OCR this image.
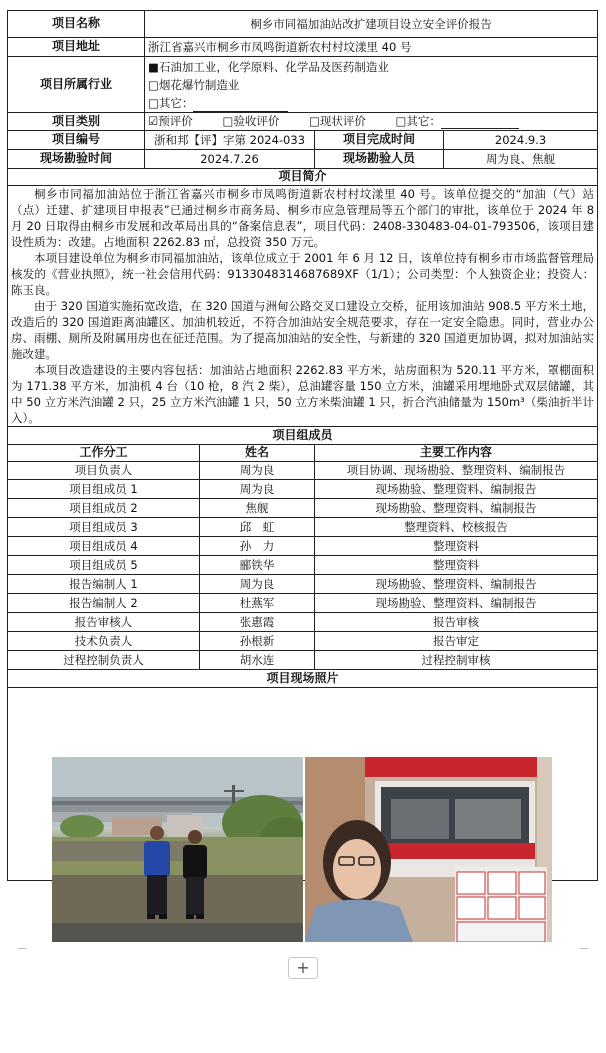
项目名称	桐乡市同福加油站改扩建项目设立安全评价报告			
项目地址	浙江省嘉兴市桐乡市凤鸣街道新农村村坟漾里 40 号			
项目所属行业	■石油加工业，化学原料、化学品及医药制造业
□烟花爆竹制造业
□其它：			

项目类别	☑预评价 □验收评价 □现状评价 □其它：			
项目编号	浙和邦【评】字第 2024-033		项目完成时间	2024.9.3
现场勘验时间	2024.7.26		现场勘验人员	周为良、焦舰
项目简介				

桐乡市同福加油站位于浙江省嘉兴市桐乡市凤鸣街道新农村村坟漾里 40 号。该单位提交的“加油（气）站（点）迁建、扩建项目申报表”已通过桐乡市商务局、桐乡市应急管理局等五个部门的审批，该单位于 2024 年 8 月 20 日取得由桐乡市发展和改革局出具的“备案信息表”，项目代码：2408-330483-04-01-793506，该项目建设性质为：改建。占地面积 2262.83 ㎡，总投资 350 万元。

本项目建设单位为桐乡市同福加油站，该单位成立于 2001 年 6 月 12 日，该单位持有桐乡市市场监督管理局核发的《营业执照》，统一社会信用代码：91330483146876​89XF（1/1）；公司类型：个人独资企业；投资人：陈玉良。

由于 320 国道实施拓宽改造，在 320 国道与洲甸公路交叉口建设立交桥，征用该加油站 908.5 平方米土地，改造后的 320 国道距离油罐区、加油机较近，不符合加油站安全规范要求，存在一定安全隐患。同时，营业办公房、雨棚、厕所及附属用房也在征迁范围。为了提高加油站的安全性，与新建的 320 国道更加协调，拟对加油站实施改建。

本项目改造建设的主要内容包括：加油站占地面积 2262.83 平方米，站房面积为 520.11 平方米，罩棚面积为 171.38 平方米，加油机 4 台（10 枪，8 汽 2 柴），总油罐容量 150 立方米，油罐采用埋地卧式双层储罐，其中 50 立方米汽油罐 2 只，25 立方米汽油罐 1 只，50 立方米柴油罐 1 只，折合汽油储量为 150m³（柴油折半计入）。				

项目组成员				
工作分工		姓名	主要工作内容	
项目负责人		周为良	项目协调、现场勘验、整理资料、编制报告	
项目组成员 1		周为良	现场勘验、整理资料、编制报告	
项目组成员 2		焦舰	现场勘验、整理资料、编制报告	
项目组成员 3		邱　虹	整理资料、校核报告	
项目组成员 4		孙　力	整理资料	
项目组成员 5		郦铁华	整理资料	
报告编制人 1		周为良	现场勘验、整理资料、编制报告	
报告编制人 2		杜燕军	现场勘验、整理资料、编制报告	
报告审核人		张惠霞	报告审核	
技术负责人		孙根新	报告审定	
过程控制负责人		胡水连	过程控制审核	
项目现场照片				

+
